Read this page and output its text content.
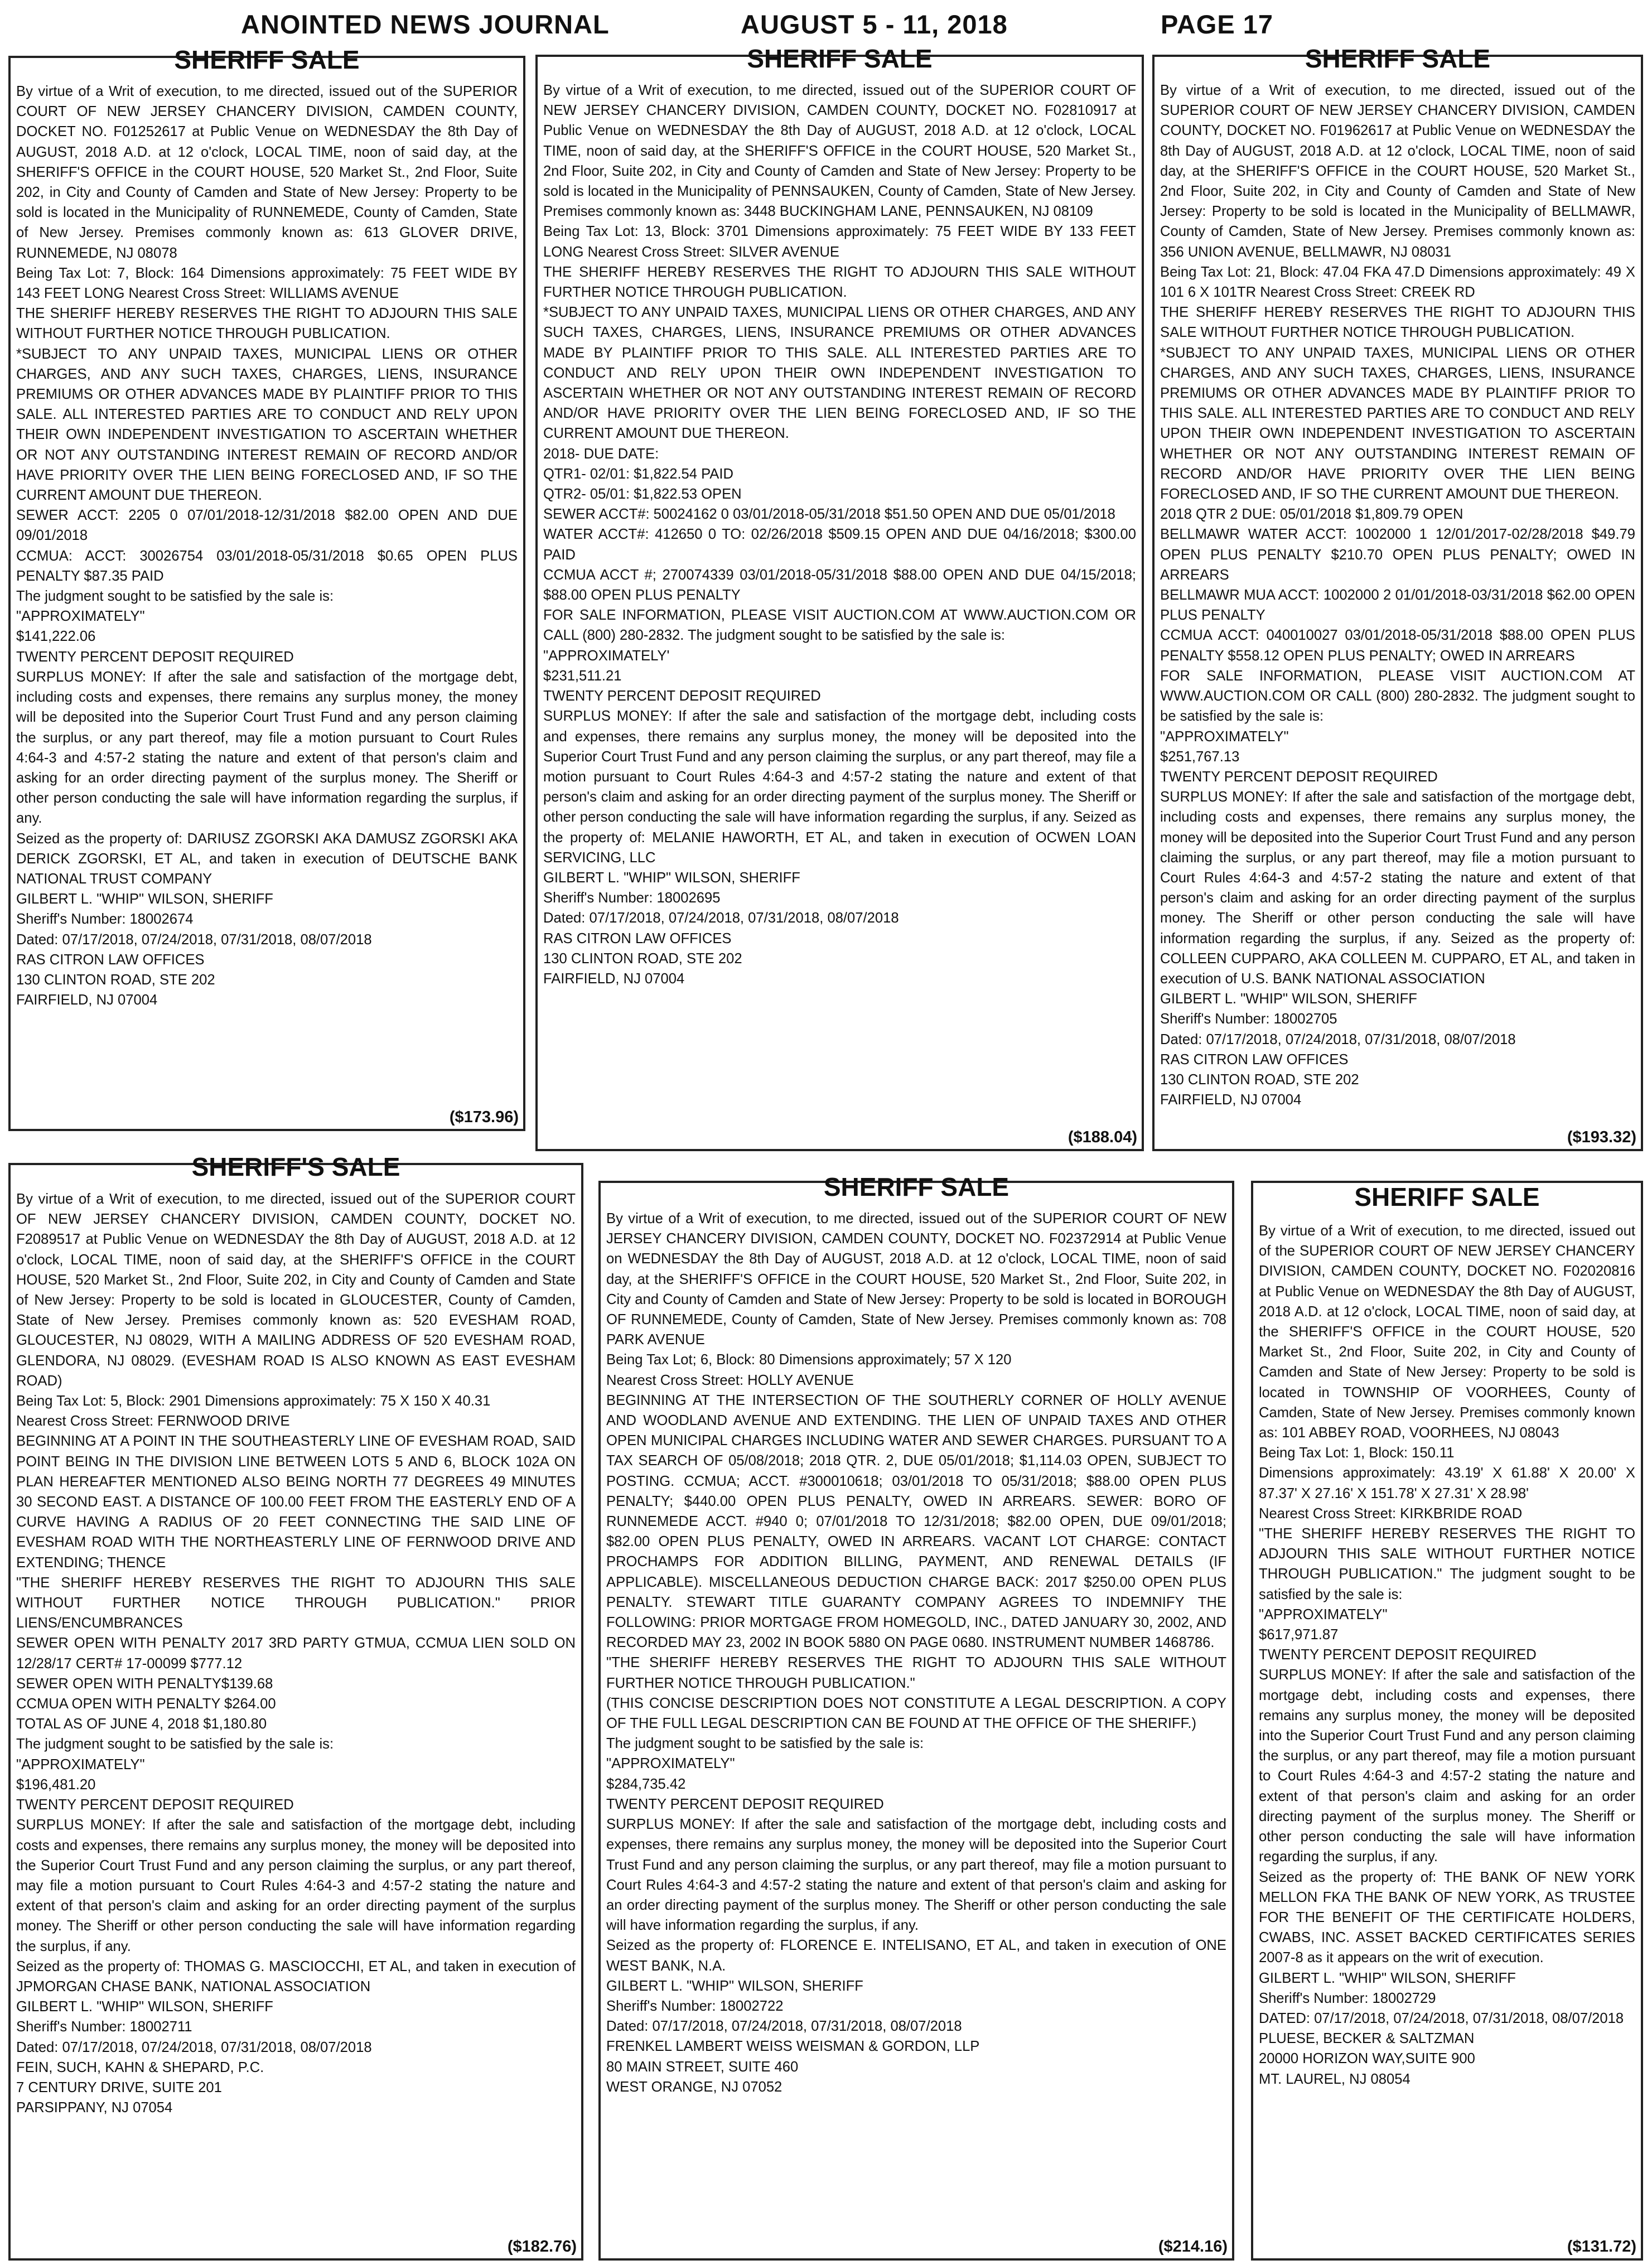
ANOINTED NEWS JOURNAL	AUGUST 5 - 11, 2018	PAGE 17
SHERIFF SALE
By virtue of a Writ of execution, to me directed, issued out of the SUPERIOR COURT OF NEW JERSEY CHANCERY DIVISION, CAMDEN COUNTY, DOCKET NO. F01252617 at Public Venue on WEDNESDAY the 8th Day of AUGUST, 2018 A.D. at 12 o'clock, LOCAL TIME, noon of said day, at the SHERIFF'S OFFICE in the COURT HOUSE, 520 Market St., 2nd Floor, Suite 202, in City and County of Camden and State of New Jersey: Property to be sold is located in the Municipality of RUNNEMEDE, County of Camden, State of New Jersey. Premises commonly known as: 613 GLOVER DRIVE, RUNNEMEDE, NJ 08078
Being Tax Lot: 7, Block: 164 Dimensions approximately: 75 FEET WIDE BY 143 FEET LONG Nearest Cross Street: WILLIAMS AVENUE
THE SHERIFF HEREBY RESERVES THE RIGHT TO ADJOURN THIS SALE WITHOUT FURTHER NOTICE THROUGH PUBLICATION.
*SUBJECT TO ANY UNPAID TAXES, MUNICIPAL LIENS OR OTHER CHARGES, AND ANY SUCH TAXES, CHARGES, LIENS, INSURANCE PREMIUMS OR OTHER ADVANCES MADE BY PLAINTIFF PRIOR TO THIS SALE. ALL INTERESTED PARTIES ARE TO CONDUCT AND RELY UPON THEIR OWN INDEPENDENT INVESTIGATION TO ASCERTAIN WHETHER OR NOT ANY OUTSTANDING INTEREST REMAIN OF RECORD AND/OR HAVE PRIORITY OVER THE LIEN BEING FORECLOSED AND, IF SO THE CURRENT AMOUNT DUE THEREON.
SEWER ACCT: 2205 0 07/01/2018-12/31/2018 $82.00 OPEN AND DUE 09/01/2018
CCMUA: ACCT: 30026754 03/01/2018-05/31/2018 $0.65 OPEN PLUS PENALTY $87.35 PAID
The judgment sought to be satisfied by the sale is:
"APPROXIMATELY"
$141,222.06
TWENTY PERCENT DEPOSIT REQUIRED
SURPLUS MONEY: If after the sale and satisfaction of the mortgage debt, including costs and expenses, there remains any surplus money, the money will be deposited into the Superior Court Trust Fund and any person claiming the surplus, or any part thereof, may file a motion pursuant to Court Rules 4:64-3 and 4:57-2 stating the nature and extent of that person's claim and asking for an order directing payment of the surplus money. The Sheriff or other person conducting the sale will have information regarding the surplus, if any.
Seized as the property of: DARIUSZ ZGORSKI AKA DAMUSZ ZGORSKI AKA DERICK ZGORSKI, ET AL, and taken in execution of DEUTSCHE BANK NATIONAL TRUST COMPANY
GILBERT L. "WHIP" WILSON, SHERIFF
Sheriff's Number: 18002674
Dated: 07/17/2018, 07/24/2018, 07/31/2018, 08/07/2018
RAS CITRON LAW OFFICES
130 CLINTON ROAD, STE 202
FAIRFIELD, NJ 07004
($173.96)
SHERIFF SALE
By virtue of a Writ of execution, to me directed, issued out of the SUPERIOR COURT OF NEW JERSEY CHANCERY DIVISION, CAMDEN COUNTY, DOCKET NO. F02810917 at Public Venue on WEDNESDAY the 8th Day of AUGUST, 2018 A.D. at 12 o'clock, LOCAL TIME, noon of said day, at the SHERIFF'S OFFICE in the COURT HOUSE, 520 Market St., 2nd Floor, Suite 202, in City and County of Camden and State of New Jersey: Property to be sold is located in the Municipality of PENNSAUKEN, County of Camden, State of New Jersey. Premises commonly known as: 3448 BUCKINGHAM LANE, PENNSAUKEN, NJ 08109
Being Tax Lot: 13, Block: 3701 Dimensions approximately: 75 FEET WIDE BY 133 FEET LONG Nearest Cross Street: SILVER AVENUE
THE SHERIFF HEREBY RESERVES THE RIGHT TO ADJOURN THIS SALE WITHOUT FURTHER NOTICE THROUGH PUBLICATION.
*SUBJECT TO ANY UNPAID TAXES, MUNICIPAL LIENS OR OTHER CHARGES, AND ANY SUCH TAXES, CHARGES, LIENS, INSURANCE PREMIUMS OR OTHER ADVANCES MADE BY PLAINTIFF PRIOR TO THIS SALE. ALL INTERESTED PARTIES ARE TO CONDUCT AND RELY UPON THEIR OWN INDEPENDENT INVESTIGATION TO ASCERTAIN WHETHER OR NOT ANY OUTSTANDING INTEREST REMAIN OF RECORD AND/OR HAVE PRIORITY OVER THE LIEN BEING FORECLOSED AND, IF SO THE CURRENT AMOUNT DUE THEREON.
2018- DUE DATE:
QTR1- 02/01: $1,822.54 PAID
QTR2- 05/01: $1,822.53 OPEN
SEWER ACCT#: 50024162 0 03/01/2018-05/31/2018 $51.50 OPEN AND DUE 05/01/2018
WATER ACCT#: 412650 0 TO: 02/26/2018 $509.15 OPEN AND DUE 04/16/2018; $300.00 PAID
CCMUA ACCT #; 270074339 03/01/2018-05/31/2018 $88.00 OPEN AND DUE 04/15/2018; $88.00 OPEN PLUS PENALTY
FOR SALE INFORMATION, PLEASE VISIT AUCTION.COM AT WWW.AUCTION.COM OR CALL (800) 280-2832. The judgment sought to be satisfied by the sale is:
"APPROXIMATELY'
$231,511.21
TWENTY PERCENT DEPOSIT REQUIRED
SURPLUS MONEY: If after the sale and satisfaction of the mortgage debt, including costs and expenses, there remains any surplus money, the money will be deposited into the Superior Court Trust Fund and any person claiming the surplus, or any part thereof, may file a motion pursuant to Court Rules 4:64-3 and 4:57-2 stating the nature and extent of that person's claim and asking for an order directing payment of the surplus money. The Sheriff or other person conducting the sale will have information regarding the surplus, if any. Seized as the property of: MELANIE HAWORTH, ET AL, and taken in execution of OCWEN LOAN SERVICING, LLC
GILBERT L. "WHIP" WILSON, SHERIFF
Sheriff's Number: 18002695
Dated: 07/17/2018, 07/24/2018, 07/31/2018, 08/07/2018
RAS CITRON LAW OFFICES
130 CLINTON ROAD, STE 202
FAIRFIELD, NJ 07004
($188.04)
SHERIFF SALE
By virtue of a Writ of execution, to me directed, issued out of the SUPERIOR COURT OF NEW JERSEY CHANCERY DIVISION, CAMDEN COUNTY, DOCKET NO. F01962617 at Public Venue on WEDNESDAY the 8th Day of AUGUST, 2018 A.D. at 12 o'clock, LOCAL TIME, noon of said day, at the SHERIFF'S OFFICE in the COURT HOUSE, 520 Market St., 2nd Floor, Suite 202, in City and County of Camden and State of New Jersey: Property to be sold is located in the Municipality of BELLMAWR, County of Camden, State of New Jersey. Premises commonly known as: 356 UNION AVENUE, BELLMAWR, NJ 08031
Being Tax Lot: 21, Block: 47.04 FKA 47.D Dimensions approximately: 49 X 101 6 X 101TR Nearest Cross Street: CREEK RD
THE SHERIFF HEREBY RESERVES THE RIGHT TO ADJOURN THIS SALE WITHOUT FURTHER NOTICE THROUGH PUBLICATION.
*SUBJECT TO ANY UNPAID TAXES, MUNICIPAL LIENS OR OTHER CHARGES, AND ANY SUCH TAXES, CHARGES, LIENS, INSURANCE PREMIUMS OR OTHER ADVANCES MADE BY PLAINTIFF PRIOR TO THIS SALE. ALL INTERESTED PARTIES ARE TO CONDUCT AND RELY UPON THEIR OWN INDEPENDENT INVESTIGATION TO ASCERTAIN WHETHER OR NOT ANY OUTSTANDING INTEREST REMAIN OF RECORD AND/OR HAVE PRIORITY OVER THE LIEN BEING FORECLOSED AND, IF SO THE CURRENT AMOUNT DUE THEREON.
2018 QTR 2 DUE: 05/01/2018 $1,809.79 OPEN
BELLMAWR WATER ACCT: 1002000 1 12/01/2017-02/28/2018 $49.79 OPEN PLUS PENALTY $210.70 OPEN PLUS PENALTY; OWED IN ARREARS
BELLMAWR MUA ACCT: 1002000 2 01/01/2018-03/31/2018 $62.00 OPEN PLUS PENALTY
CCMUA ACCT: 040010027 03/01/2018-05/31/2018 $88.00 OPEN PLUS PENALTY $558.12 OPEN PLUS PENALTY; OWED IN ARREARS
FOR SALE INFORMATION, PLEASE VISIT AUCTION.COM AT WWW.AUCTION.COM OR CALL (800) 280-2832. The judgment sought to be satisfied by the sale is:
"APPROXIMATELY"
$251,767.13
TWENTY PERCENT DEPOSIT REQUIRED
SURPLUS MONEY: If after the sale and satisfaction of the mortgage debt, including costs and expenses, there remains any surplus money, the money will be deposited into the Superior Court Trust Fund and any person claiming the surplus, or any part thereof, may file a motion pursuant to Court Rules 4:64-3 and 4:57-2 stating the nature and extent of that person's claim and asking for an order directing payment of the surplus money. The Sheriff or other person conducting the sale will have information regarding the surplus, if any. Seized as the property of: COLLEEN CUPPARO, AKA COLLEEN M. CUPPARO, ET AL, and taken in execution of U.S. BANK NATIONAL ASSOCIATION
GILBERT L. "WHIP" WILSON, SHERIFF
Sheriff's Number: 18002705
Dated: 07/17/2018, 07/24/2018, 07/31/2018, 08/07/2018
RAS CITRON LAW OFFICES
130 CLINTON ROAD, STE 202
FAIRFIELD, NJ 07004
($193.32)
SHERIFF'S SALE
By virtue of a Writ of execution, to me directed, issued out of the SUPERIOR COURT OF NEW JERSEY CHANCERY DIVISION, CAMDEN COUNTY, DOCKET NO. F2089517 at Public Venue on WEDNESDAY the 8th Day of AUGUST, 2018 A.D. at 12 o'clock, LOCAL TIME, noon of said day, at the SHERIFF'S OFFICE in the COURT HOUSE, 520 Market St., 2nd Floor, Suite 202, in City and County of Camden and State of New Jersey: Property to be sold is located in GLOUCESTER, County of Camden, State of New Jersey. Premises commonly known as: 520 EVESHAM ROAD, GLOUCESTER, NJ 08029, WITH A MAILING ADDRESS OF 520 EVESHAM ROAD, GLENDORA, NJ 08029. (EVESHAM ROAD IS ALSO KNOWN AS EAST EVESHAM ROAD)
Being Tax Lot: 5, Block: 2901 Dimensions approximately: 75 X 150 X 40.31
Nearest Cross Street: FERNWOOD DRIVE
BEGINNING AT A POINT IN THE SOUTHEASTERLY LINE OF EVESHAM ROAD, SAID POINT BEING IN THE DIVISION LINE BETWEEN LOTS 5 AND 6, BLOCK 102A ON PLAN HEREAFTER MENTIONED ALSO BEING NORTH 77 DEGREES 49 MINUTES 30 SECOND EAST. A DISTANCE OF 100.00 FEET FROM THE EASTERLY END OF A CURVE HAVING A RADIUS OF 20 FEET CONNECTING THE SAID LINE OF EVESHAM ROAD WITH THE NORTHEASTERLY LINE OF FERNWOOD DRIVE AND EXTENDING; THENCE
"THE SHERIFF HEREBY RESERVES THE RIGHT TO ADJOURN THIS SALE WITHOUT FURTHER NOTICE THROUGH PUBLICATION." PRIOR LIENS/ENCUMBRANCES
SEWER OPEN WITH PENALTY 2017 3RD PARTY GTMUA, CCMUA LIEN SOLD ON 12/28/17 CERT# 17-00099 $777.12
SEWER OPEN WITH PENALTY$139.68
CCMUA OPEN WITH PENALTY $264.00
TOTAL AS OF JUNE 4, 2018 $1,180.80
The judgment sought to be satisfied by the sale is:
"APPROXIMATELY"
$196,481.20
TWENTY PERCENT DEPOSIT REQUIRED
SURPLUS MONEY: If after the sale and satisfaction of the mortgage debt, including costs and expenses, there remains any surplus money, the money will be deposited into the Superior Court Trust Fund and any person claiming the surplus, or any part thereof, may file a motion pursuant to Court Rules 4:64-3 and 4:57-2 stating the nature and extent of that person's claim and asking for an order directing payment of the surplus money. The Sheriff or other person conducting the sale will have information regarding the surplus, if any.
Seized as the property of: THOMAS G. MASCIOCCHI, ET AL, and taken in execution of JPMORGAN CHASE BANK, NATIONAL ASSOCIATION
GILBERT L. "WHIP" WILSON, SHERIFF
Sheriff's Number: 18002711
Dated: 07/17/2018, 07/24/2018, 07/31/2018, 08/07/2018
FEIN, SUCH, KAHN & SHEPARD, P.C.
7 CENTURY DRIVE, SUITE 201
PARSIPPANY, NJ 07054
($182.76)
SHERIFF SALE
By virtue of a Writ of execution, to me directed, issued out of the SUPERIOR COURT OF NEW JERSEY CHANCERY DIVISION, CAMDEN COUNTY, DOCKET NO. F02372914 at Public Venue on WEDNESDAY the 8th Day of AUGUST, 2018 A.D. at 12 o'clock, LOCAL TIME, noon of said day, at the SHERIFF'S OFFICE in the COURT HOUSE, 520 Market St., 2nd Floor, Suite 202, in City and County of Camden and State of New Jersey: Property to be sold is located in BOROUGH OF RUNNEMEDE, County of Camden, State of New Jersey. Premises commonly known as: 708 PARK AVENUE
Being Tax Lot; 6, Block: 80 Dimensions approximately; 57 X 120
Nearest Cross Street: HOLLY AVENUE
BEGINNING AT THE INTERSECTION OF THE SOUTHERLY CORNER OF HOLLY AVENUE AND WOODLAND AVENUE AND EXTENDING. THE LIEN OF UNPAID TAXES AND OTHER OPEN MUNICIPAL CHARGES INCLUDING WATER AND SEWER CHARGES. PURSUANT TO A TAX SEARCH OF 05/08/2018; 2018 QTR. 2, DUE 05/01/2018; $1,114.03 OPEN, SUBJECT TO POSTING. CCMUA; ACCT. #300010618; 03/01/2018 TO 05/31/2018; $88.00 OPEN PLUS PENALTY; $440.00 OPEN PLUS PENALTY, OWED IN ARREARS. SEWER: BORO OF RUNNEMEDE ACCT. #940 0; 07/01/2018 TO 12/31/2018; $82.00 OPEN, DUE 09/01/2018; $82.00 OPEN PLUS PENALTY, OWED IN ARREARS. VACANT LOT CHARGE: CONTACT PROCHAMPS FOR ADDITION BILLING, PAYMENT, AND RENEWAL DETAILS (IF APPLICABLE). MISCELLANEOUS DEDUCTION CHARGE BACK: 2017 $250.00 OPEN PLUS PENALTY. STEWART TITLE GUARANTY COMPANY AGREES TO INDEMNIFY THE FOLLOWING: PRIOR MORTGAGE FROM HOMEGOLD, INC., DATED JANUARY 30, 2002, AND RECORDED MAY 23, 2002 IN BOOK 5880 ON PAGE 0680. INSTRUMENT NUMBER 1468786.
"THE SHERIFF HEREBY RESERVES THE RIGHT TO ADJOURN THIS SALE WITHOUT FURTHER NOTICE THROUGH PUBLICATION."
(THIS CONCISE DESCRIPTION DOES NOT CONSTITUTE A LEGAL DESCRIPTION. A COPY OF THE FULL LEGAL DESCRIPTION CAN BE FOUND AT THE OFFICE OF THE SHERIFF.)
The judgment sought to be satisfied by the sale is:
"APPROXIMATELY"
$284,735.42
TWENTY PERCENT DEPOSIT REQUIRED
SURPLUS MONEY: If after the sale and satisfaction of the mortgage debt, including costs and expenses, there remains any surplus money, the money will be deposited into the Superior Court Trust Fund and any person claiming the surplus, or any part thereof, may file a motion pursuant to Court Rules 4:64-3 and 4:57-2 stating the nature and extent of that person's claim and asking for an order directing payment of the surplus money. The Sheriff or other person conducting the sale will have information regarding the surplus, if any.
Seized as the property of: FLORENCE E. INTELISANO, ET AL, and taken in execution of ONE WEST BANK, N.A.
GILBERT L. "WHIP" WILSON, SHERIFF
Sheriff's Number: 18002722
Dated: 07/17/2018, 07/24/2018, 07/31/2018, 08/07/2018
FRENKEL LAMBERT WEISS WEISMAN & GORDON, LLP
80 MAIN STREET, SUITE 460
WEST ORANGE, NJ 07052
($214.16)
SHERIFF SALE
By virtue of a Writ of execution, to me directed, issued out of the SUPERIOR COURT OF NEW JERSEY CHANCERY DIVISION, CAMDEN COUNTY, DOCKET NO. F02020816 at Public Venue on WEDNESDAY the 8th Day of AUGUST, 2018 A.D. at 12 o'clock, LOCAL TIME, noon of said day, at the SHERIFF'S OFFICE in the COURT HOUSE, 520 Market St., 2nd Floor, Suite 202, in City and County of Camden and State of New Jersey: Property to be sold is located in TOWNSHIP OF VOORHEES, County of Camden, State of New Jersey. Premises commonly known as: 101 ABBEY ROAD, VOORHEES, NJ 08043
Being Tax Lot: 1, Block: 150.11
Dimensions approximately: 43.19' X 61.88' X 20.00' X 87.37' X 27.16' X 151.78' X 27.31' X 28.98'
Nearest Cross Street: KIRKBRIDE ROAD
"THE SHERIFF HEREBY RESERVES THE RIGHT TO ADJOURN THIS SALE WITHOUT FURTHER NOTICE THROUGH PUBLICATION." The judgment sought to be satisfied by the sale is:
"APPROXIMATELY"
$617,971.87
TWENTY PERCENT DEPOSIT REQUIRED
SURPLUS MONEY: If after the sale and satisfaction of the mortgage debt, including costs and expenses, there remains any surplus money, the money will be deposited into the Superior Court Trust Fund and any person claiming the surplus, or any part thereof, may file a motion pursuant to Court Rules 4:64-3 and 4:57-2 stating the nature and extent of that person's claim and asking for an order directing payment of the surplus money. The Sheriff or other person conducting the sale will have information regarding the surplus, if any.
Seized as the property of: THE BANK OF NEW YORK MELLON FKA THE BANK OF NEW YORK, AS TRUSTEE FOR THE BENEFIT OF THE CERTIFICATE HOLDERS, CWABS, INC. ASSET BACKED CERTIFICATES SERIES 2007-8 as it appears on the writ of execution.
GILBERT L. "WHIP" WILSON, SHERIFF
Sheriff's Number: 18002729
DATED: 07/17/2018, 07/24/2018, 07/31/2018, 08/07/2018
PLUESE, BECKER & SALTZMAN
20000 HORIZON WAY,SUITE 900
MT. LAUREL, NJ 08054
($131.72)
